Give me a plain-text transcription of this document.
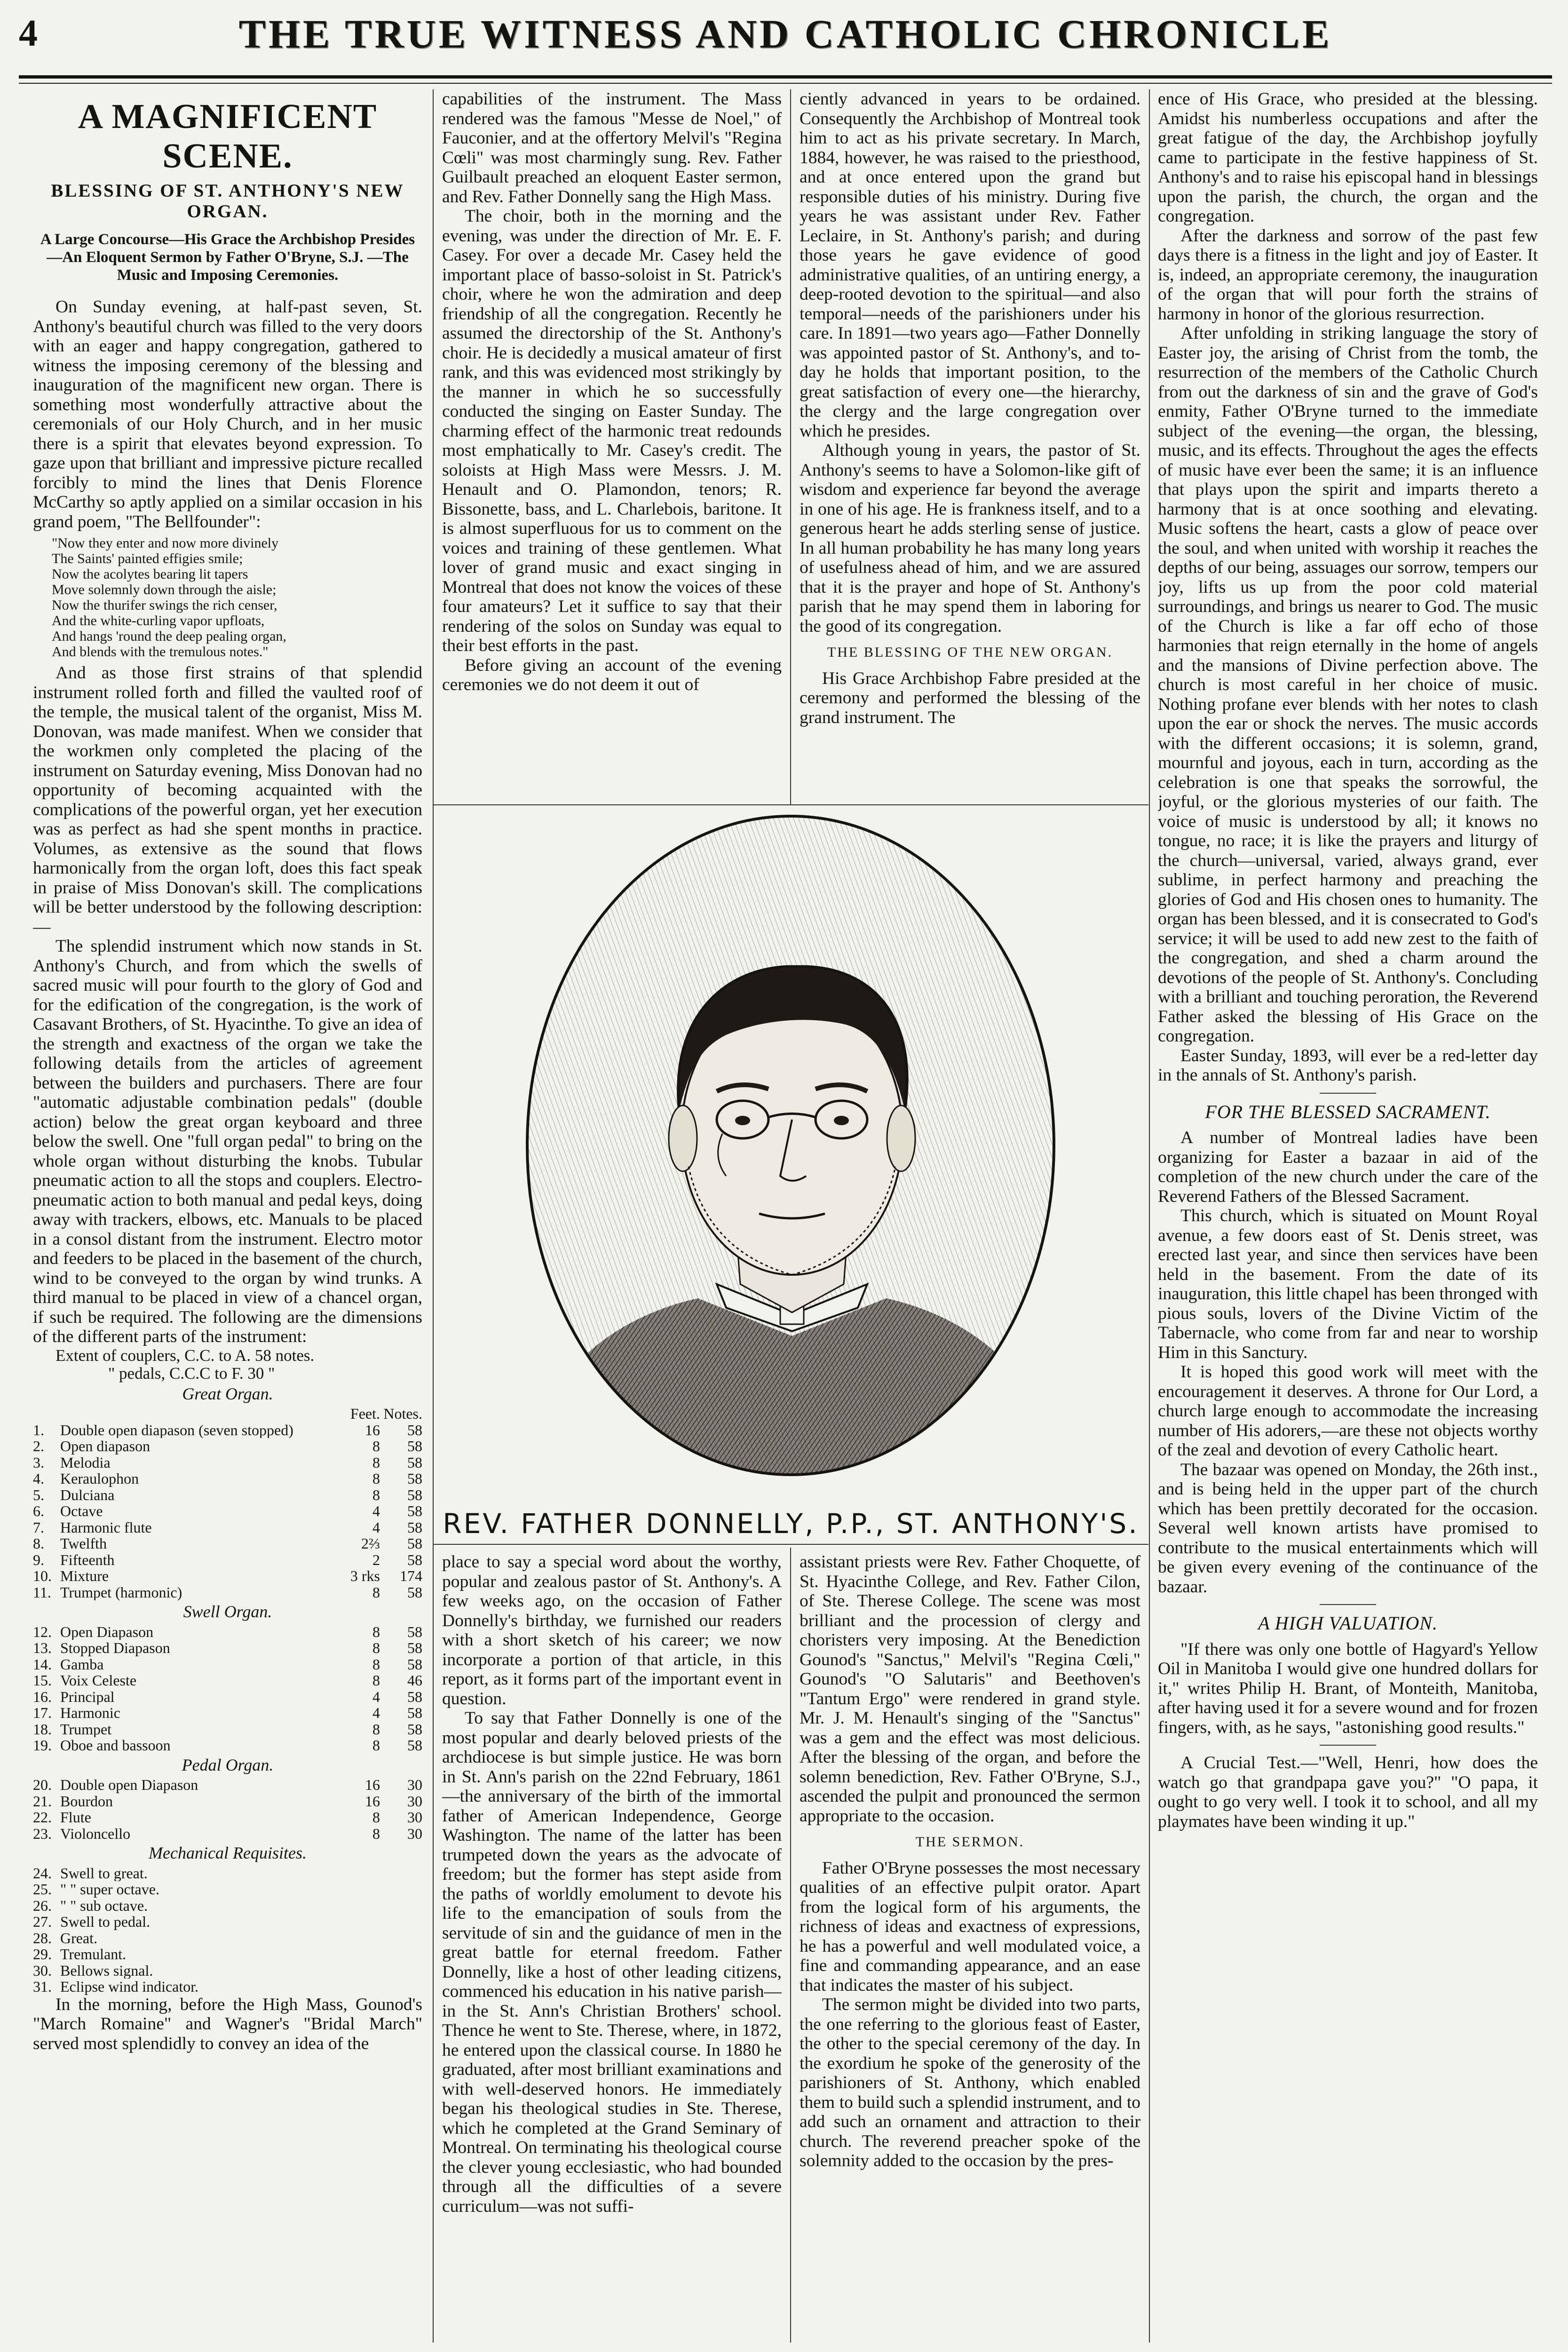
4	THE TRUE WITNESS AND CATHOLIC CHRONICLE
A MAGNIFICENT SCENE.
BLESSING OF ST. ANTHONY'S NEW ORGAN.
A Large Concourse—His Grace the Archbishop Presides—An Eloquent Sermon by Father O'Bryne, S.J. —The Music and Imposing Ceremonies.

On Sunday evening, at half-past seven, St. Anthony's beautiful church was filled to the very doors with an eager and happy congregation, gathered to witness the imposing ceremony of the blessing and inauguration of the magnificent new organ. There is something most wonderfully attractive about the ceremonials of our Holy Church, and in her music there is a spirit that elevates beyond expression. To gaze upon that brilliant and impressive picture recalled forcibly to mind the lines that Denis Florence McCarthy so aptly applied on a similar occasion in his grand poem, "The Bellfounder":

"Now they enter and now more divinely
The Saints' painted effigies smile;
Now the acolytes bearing lit tapers
Move solemnly down through the aisle;
Now the thurifer swings the rich censer,
And the white-curling vapor upfloats,
And hangs 'round the deep pealing organ,
And blends with the tremulous notes."

And as those first strains of that splendid instrument rolled forth and filled the vaulted roof of the temple, the musical talent of the organist, Miss M. Donovan, was made manifest. When we consider that the workmen only completed the placing of the instrument on Saturday evening, Miss Donovan had no opportunity of becoming acquainted with the complications of the powerful organ, yet her execution was as perfect as had she spent months in practice. Volumes, as extensive as the sound that flows harmonically from the organ loft, does this fact speak in praise of Miss Donovan's skill. The complications will be better understood by the following description:—

The splendid instrument which now stands in St. Anthony's Church, and from which the swells of sacred music will pour fourth to the glory of God and for the edification of the congregation, is the work of Casavant Brothers, of St. Hyacinthe. To give an idea of the strength and exactness of the organ we take the following details from the articles of agreement between the builders and purchasers. There are four "automatic adjustable combination pedals" (double action) below the great organ keyboard and three below the swell. One "full organ pedal" to bring on the whole organ without disturbing the knobs. Tubular pneumatic action to all the stops and couplers. Electro-pneumatic action to both manual and pedal keys, doing away with trackers, elbows, etc. Manuals to be placed in a consol distant from the instrument. Electro motor and feeders to be placed in the basement of the church, wind to be conveyed to the organ by wind trunks. A third manual to be placed in view of a chancel organ, if such be required. The following are the dimensions of the different parts of the instrument:

Extent of couplers, C.C. to A. 58 notes.

" pedals, C.C.C to F. 30 "

Great Organ.
		Feet.	Notes.
1.	Double open diapason (seven stopped)	16	58
2.	Open diapason	8	58
3.	Melodia	8	58
4.	Keraulophon	8	58
5.	Dulciana	8	58
6.	Octave	4	58
7.	Harmonic flute	4	58
8.	Twelfth	2⅔	58
9.	Fifteenth	2	58
10.	Mixture	3 rks	174
11.	Trumpet (harmonic)	8	58
Swell Organ.
12.	Open Diapason	8	58
13.	Stopped Diapason	8	58
14.	Gamba	8	58
15.	Voix Celeste	8	46
16.	Principal	4	58
17.	Harmonic	4	58
18.	Trumpet	8	58
19.	Oboe and bassoon	8	58
Pedal Organ.
20.	Double open Diapason	16	30
21.	Bourdon	16	30
22.	Flute	8	30
23.	Violoncello	8	30
Mechanical Requisites.
24.	Swell to great.
25.	" " super octave.
26.	" " sub octave.
27.	Swell to pedal.
28.	Great.
29.	Tremulant.
30.	Bellows signal.
31.	Eclipse wind indicator.

In the morning, before the High Mass, Gounod's "March Romaine" and Wagner's "Bridal March" served most splendidly to convey an idea of the

capabilities of the instrument. The Mass rendered was the famous "Messe de Noel," of Fauconier, and at the offertory Melvil's "Regina Cœli" was most charmingly sung. Rev. Father Guilbault preached an eloquent Easter sermon, and Rev. Father Donnelly sang the High Mass.

The choir, both in the morning and the evening, was under the direction of Mr. E. F. Casey. For over a decade Mr. Casey held the important place of basso-soloist in St. Patrick's choir, where he won the admiration and deep friendship of all the congregation. Recently he assumed the directorship of the St. Anthony's choir. He is decidedly a musical amateur of first rank, and this was evidenced most strikingly by the manner in which he so successfully conducted the singing on Easter Sunday. The charming effect of the harmonic treat redounds most emphatically to Mr. Casey's credit. The soloists at High Mass were Messrs. J. M. Henault and O. Plamondon, tenors; R. Bissonette, bass, and L. Charlebois, baritone. It is almost superfluous for us to comment on the voices and training of these gentlemen. What lover of grand music and exact singing in Montreal that does not know the voices of these four amateurs? Let it suffice to say that their rendering of the solos on Sunday was equal to their best efforts in the past.

Before giving an account of the evening ceremonies we do not deem it out of

ciently advanced in years to be ordained. Consequently the Archbishop of Montreal took him to act as his private secretary. In March, 1884, however, he was raised to the priesthood, and at once entered upon the grand but responsible duties of his ministry. During five years he was assistant under Rev. Father Leclaire, in St. Anthony's parish; and during those years he gave evidence of good administrative qualities, of an untiring energy, a deep-rooted devotion to the spiritual—and also temporal—needs of the parishioners under his care. In 1891—two years ago—Father Donnelly was appointed pastor of St. Anthony's, and to-day he holds that important position, to the great satisfaction of every one—the hierarchy, the clergy and the large congregation over which he presides.

Although young in years, the pastor of St. Anthony's seems to have a Solomon-like gift of wisdom and experience far beyond the average in one of his age. He is frankness itself, and to a generous heart he adds sterling sense of justice. In all human probability he has many long years of usefulness ahead of him, and we are assured that it is the prayer and hope of St. Anthony's parish that he may spend them in laboring for the good of its congregation.

THE BLESSING OF THE NEW ORGAN.

His Grace Archbishop Fabre presided at the ceremony and performed the blessing of the grand instrument. The

REV. FATHER DONNELLY, P.P., ST. ANTHONY'S.

place to say a special word about the worthy, popular and zealous pastor of St. Anthony's. A few weeks ago, on the occasion of Father Donnelly's birthday, we furnished our readers with a short sketch of his career; we now incorporate a portion of that article, in this report, as it forms part of the important event in question.

To say that Father Donnelly is one of the most popular and dearly beloved priests of the archdiocese is but simple justice. He was born in St. Ann's parish on the 22nd February, 1861—the anniversary of the birth of the immortal father of American Independence, George Washington. The name of the latter has been trumpeted down the years as the advocate of freedom; but the former has stept aside from the paths of worldly emolument to devote his life to the emancipation of souls from the servitude of sin and the guidance of men in the great battle for eternal freedom. Father Donnelly, like a host of other leading citizens, commenced his education in his native parish—in the St. Ann's Christian Brothers' school. Thence he went to Ste. Therese, where, in 1872, he entered upon the classical course. In 1880 he graduated, after most brilliant examinations and with well-deserved honors. He immediately began his theological studies in Ste. Therese, which he completed at the Grand Seminary of Montreal. On terminating his theological course the clever young ecclesiastic, who had bounded through all the difficulties of a severe curriculum—was not suffi-

assistant priests were Rev. Father Choquette, of St. Hyacinthe College, and Rev. Father Cilon, of Ste. Therese College. The scene was most brilliant and the procession of clergy and choristers very imposing. At the Benediction Gounod's "Sanctus," Melvil's "Regina Cœli," Gounod's "O Salutaris" and Beethoven's "Tantum Ergo" were rendered in grand style. Mr. J. M. Henault's singing of the "Sanctus" was a gem and the effect was most delicious. After the blessing of the organ, and before the solemn benediction, Rev. Father O'Bryne, S.J., ascended the pulpit and pronounced the sermon appropriate to the occasion.

THE SERMON.

Father O'Bryne possesses the most necessary qualities of an effective pulpit orator. Apart from the logical form of his arguments, the richness of ideas and exactness of expressions, he has a powerful and well modulated voice, a fine and commanding appearance, and an ease that indicates the master of his subject.

The sermon might be divided into two parts, the one referring to the glorious feast of Easter, the other to the special ceremony of the day. In the exordium he spoke of the generosity of the parishioners of St. Anthony, which enabled them to build such a splendid instrument, and to add such an ornament and attraction to their church. The reverend preacher spoke of the solemnity added to the occasion by the pres-

ence of His Grace, who presided at the blessing. Amidst his numberless occupations and after the great fatigue of the day, the Archbishop joyfully came to participate in the festive happiness of St. Anthony's and to raise his episcopal hand in blessings upon the parish, the church, the organ and the congregation.

After the darkness and sorrow of the past few days there is a fitness in the light and joy of Easter. It is, indeed, an appropriate ceremony, the inauguration of the organ that will pour forth the strains of harmony in honor of the glorious resurrection.

After unfolding in striking language the story of Easter joy, the arising of Christ from the tomb, the resurrection of the members of the Catholic Church from out the darkness of sin and the grave of God's enmity, Father O'Bryne turned to the immediate subject of the evening—the organ, the blessing, music, and its effects. Throughout the ages the effects of music have ever been the same; it is an influence that plays upon the spirit and imparts thereto a harmony that is at once soothing and elevating. Music softens the heart, casts a glow of peace over the soul, and when united with worship it reaches the depths of our being, assuages our sorrow, tempers our joy, lifts us up from the poor cold material surroundings, and brings us nearer to God. The music of the Church is like a far off echo of those harmonies that reign eternally in the home of angels and the mansions of Divine perfection above. The church is most careful in her choice of music. Nothing profane ever blends with her notes to clash upon the ear or shock the nerves. The music accords with the different occasions; it is solemn, grand, mournful and joyous, each in turn, according as the celebration is one that speaks the sorrowful, the joyful, or the glorious mysteries of our faith. The voice of music is understood by all; it knows no tongue, no race; it is like the prayers and liturgy of the church—universal, varied, always grand, ever sublime, in perfect harmony and preaching the glories of God and His chosen ones to humanity. The organ has been blessed, and it is consecrated to God's service; it will be used to add new zest to the faith of the congregation, and shed a charm around the devotions of the people of St. Anthony's. Concluding with a brilliant and touching peroration, the Reverend Father asked the blessing of His Grace on the congregation.

Easter Sunday, 1893, will ever be a red-letter day in the annals of St. Anthony's parish.

FOR THE BLESSED SACRAMENT.

A number of Montreal ladies have been organizing for Easter a bazaar in aid of the completion of the new church under the care of the Reverend Fathers of the Blessed Sacrament.

This church, which is situated on Mount Royal avenue, a few doors east of St. Denis street, was erected last year, and since then services have been held in the basement. From the date of its inauguration, this little chapel has been thronged with pious souls, lovers of the Divine Victim of the Tabernacle, who come from far and near to worship Him in this Sanctury.

It is hoped this good work will meet with the encouragement it deserves. A throne for Our Lord, a church large enough to accommodate the increasing number of His adorers,—are these not objects worthy of the zeal and devotion of every Catholic heart.

The bazaar was opened on Monday, the 26th inst., and is being held in the upper part of the church which has been prettily decorated for the occasion. Several well known artists have promised to contribute to the musical entertainments which will be given every evening of the continuance of the bazaar.

A HIGH VALUATION.

"If there was only one bottle of Hagyard's Yellow Oil in Manitoba I would give one hundred dollars for it," writes Philip H. Brant, of Monteith, Manitoba, after having used it for a severe wound and for frozen fingers, with, as he says, "astonishing good results."

A Crucial Test.—"Well, Henri, how does the watch go that grandpapa gave you?" "O papa, it ought to go very well. I took it to school, and all my playmates have been winding it up."
